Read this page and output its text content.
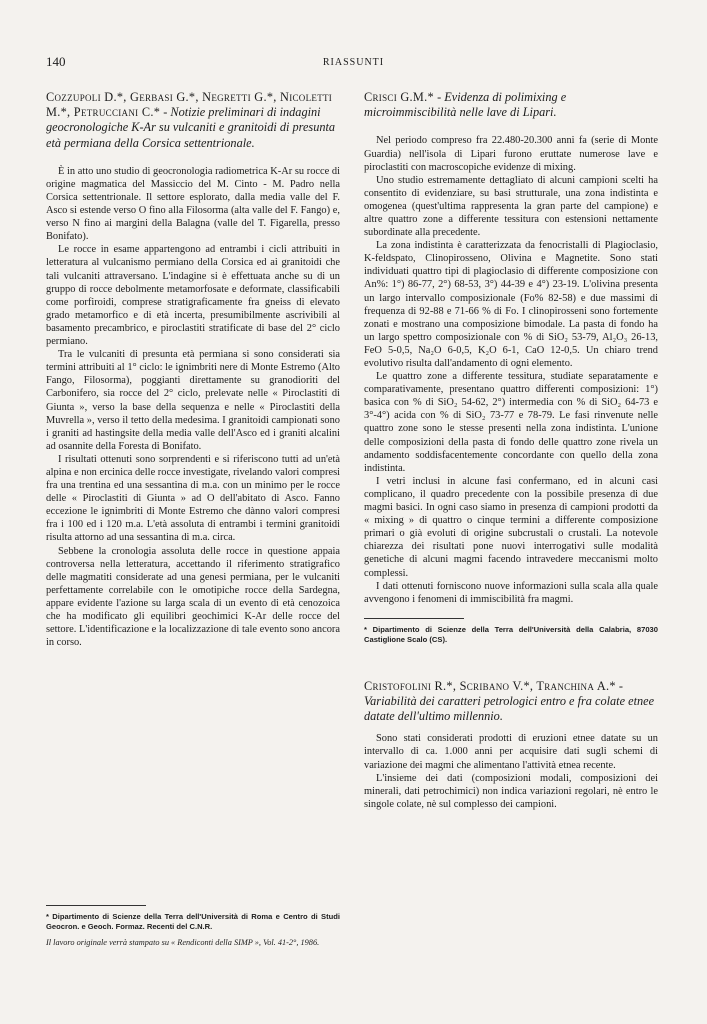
140	RIASSUNTI
Cozzupoli D.*, Gerbasi G.*, Negretti G.*, Nicoletti M.*, Petrucciani C.* - Notizie preliminari di indagini geocronologiche K-Ar su vulcaniti e granitoidi di presunta età permiana della Corsica settentrionale.

È in atto uno studio di geocronologia radiometrica K-Ar su rocce di origine magmatica del Massiccio del M. Cinto - M. Padro nella Corsica settentrionale. Il settore esplorato, dalla media valle del F. Asco si estende verso O fino alla Filosorma (alta valle del F. Fango) e, verso N fino ai margini della Balagna (valle del T. Figarella, presso Bonifato).

Le rocce in esame appartengono ad entrambi i cicli attribuiti in letteratura al vulcanismo permiano della Corsica ed ai granitoidi che tali vulcaniti attraversano. L'indagine si è effettuata anche su di un gruppo di rocce debolmente metamorfosate e deformate, classificabili come porfiroidi, comprese stratigraficamente fra gneiss di elevato grado metamorfico e di età incerta, presumibilmente ascrivibili al basamento precambrico, e piroclastiti stratificate di base del 2° ciclo permiano.

Tra le vulcaniti di presunta età permiana si sono considerati sia termini attribuiti al 1° ciclo: le ignimbriti nere di Monte Estremo (Alto Fango, Filosorma), poggianti direttamente su granodioriti del Carbonifero, sia rocce del 2° ciclo, prelevate nelle « Piroclastiti di Giunta », verso la base della sequenza e nelle « Piroclastiti della Muvrella », verso il tetto della medesima. I granitoidi campionati sono i graniti ad hastingsite della media valle dell'Asco ed i graniti alcalini ad osannite della Foresta di Bonifato.

I risultati ottenuti sono sorprendenti e si riferiscono tutti ad un'età alpina e non ercinica delle rocce investigate, rivelando valori compresi fra una trentina ed una sessantina di m.a. con un minimo per le rocce delle « Piroclastiti di Giunta » ad O dell'abitato di Asco. Fanno eccezione le ignimbriti di Monte Estremo che dànno valori compresi fra i 100 ed i 120 m.a. L'età assoluta di entrambi i termini granitoidi risulta attorno ad una sessantina di m.a. circa.

Sebbene la cronologia assoluta delle rocce in questione appaia controversa nella letteratura, accettando il riferimento stratigrafico delle magmatiti considerate ad una genesi permiana, per le vulcaniti perfettamente correlabile con le omotipiche rocce della Sardegna, appare evidente l'azione su larga scala di un evento di età cenozoica che ha modificato gli equilibri geochimici K-Ar delle rocce del settore. L'identificazione e la localizzazione di tale evento sono ancora in corso.

* Dipartimento di Scienze della Terra dell'Università di Roma e Centro di Studi Geocron. e Geoch. Formaz. Recenti del C.N.R.
Il lavoro originale verrà stampato su « Rendiconti della SIMP », Vol. 41-2°, 1986.
Crisci G.M.* - Evidenza di polimixing e microimmiscibilità nelle lave di Lipari.

Nel periodo compreso fra 22.480-20.300 anni fa (serie di Monte Guardia) nell'isola di Lipari furono eruttate numerose lave e piroclastiti con macroscopiche evidenze di mixing.

Uno studio estremamente dettagliato di alcuni campioni scelti ha consentito di evidenziare, su basi strutturale, una zona indistinta e omogenea (quest'ultima rappresenta la gran parte del campione) e altre quattro zone a differente tessitura con estensioni nettamente subordinate alla precedente.

La zona indistinta è caratterizzata da fenocristalli di Plagioclasio, K-feldspato, Clinopirosseno, Olivina e Magnetite. Sono stati individuati quattro tipi di plagioclasio di differente composizione con An%: 1°) 86-77, 2°) 68-53, 3°) 44-39 e 4°) 23-19. L'olivina presenta un largo intervallo composizionale (Fo% 82-58) e due massimi di frequenza di 92-88 e 71-66 % di Fo. I clinopirosseni sono fortemente zonati e mostrano una composizione bimodale. La pasta di fondo ha un largo spettro composizionale con % di SiO₂ 53-79, Al₂O₃ 26-13, FeO 5-0,5, Na₂O 6-0,5, K₂O 6-1, CaO 12-0,5. Un chiaro trend evolutivo risulta dall'andamento di ogni elemento.

Le quattro zone a differente tessitura, studiate separatamente e comparativamente, presentano quattro differenti composizioni: 1°) basica con % di SiO₂ 54-62, 2°) intermedia con % di SiO₂ 64-73 e 3°-4°) acida con % di SiO₂ 73-77 e 78-79. Le fasi rinvenute nelle quattro zone sono le stesse presenti nella zona indistinta. L'unione delle composizioni della pasta di fondo delle quattro zone rivela un andamento soddisfacentemente concordante con quello della zona indistinta.

I vetri inclusi in alcune fasi confermano, ed in alcuni casi complicano, il quadro precedente con la possibile presenza di due magmi basici. In ogni caso siamo in presenza di campioni prodotti da « mixing » di quattro o cinque termini a differente composizione primari o già evoluti di origine subcrustali o crustali. La notevole chiarezza dei risultati pone nuovi interrogativi sulle modalità genetiche di alcuni magmi facendo intravedere meccanismi molto complessi.

I dati ottenuti forniscono nuove informazioni sulla scala alla quale avvengono i fenomeni di immiscibilità fra magmi.

* Dipartimento di Scienze della Terra dell'Università della Calabria, 87030 Castiglione Scalo (CS).
Cristofolini R.*, Scribano V.*, Tranchina A.* - Variabilità dei caratteri petrologici entro e fra colate etnee datate dell'ultimo millennio.

Sono stati considerati prodotti di eruzioni etnee datate su un intervallo di ca. 1.000 anni per acquisire dati sugli schemi di variazione dei magmi che alimentano l'attività etnea recente.

L'insieme dei dati (composizioni modali, composizioni dei minerali, dati petrochimici) non indica variazioni regolari, nè entro le singole colate, nè sul complesso dei campioni.
